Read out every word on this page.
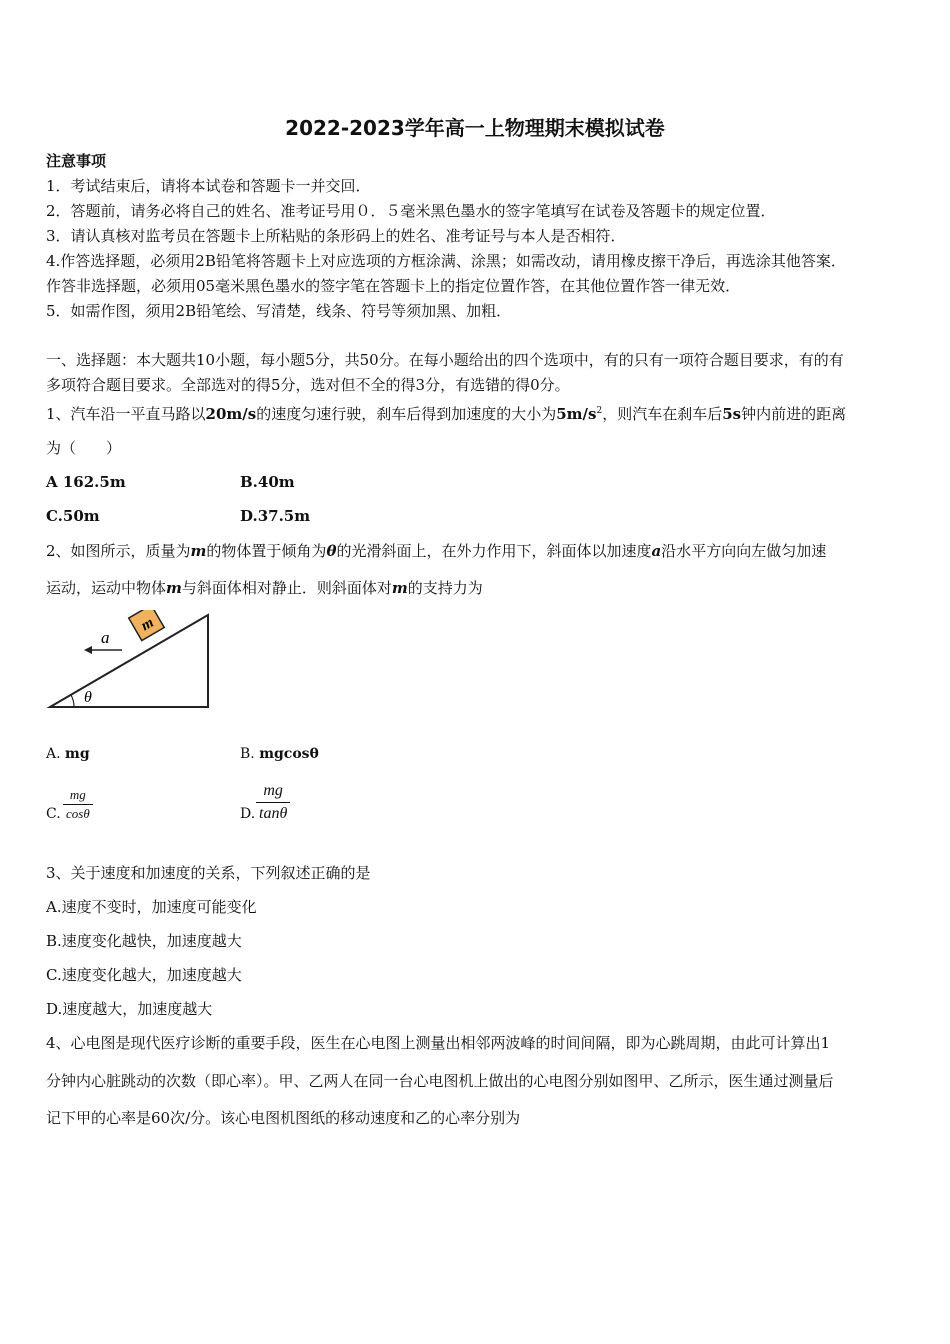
2022-2023学年高一上物理期末模拟试卷
注意事项
1．考试结束后，请将本试卷和答题卡一并交回．
2．答题前，请务必将自己的姓名、准考证号用０．５毫米黑色墨水的签字笔填写在试卷及答题卡的规定位置．
3．请认真核对监考员在答题卡上所粘贴的条形码上的姓名、准考证号与本人是否相符．
4.作答选择题，必须用2B铅笔将答题卡上对应选项的方框涂满、涂黑；如需改动，请用橡皮擦干净后，再选涂其他答案．
作答非选择题，必须用05毫米黑色墨水的签字笔在答题卡上的指定位置作答，在其他位置作答一律无效．
5．如需作图，须用2B铅笔绘、写清楚，线条、符号等须加黑、加粗．
一、选择题：本大题共10小题，每小题5分，共50分。在每小题给出的四个选项中，有的只有一项符合题目要求，有的有
多项符合题目要求。全部选对的得5分，选对但不全的得3分，有选错的得0分。
1、汽车沿一平直马路以20m/s的速度匀速行驶，刹车后得到加速度的大小为$5m/s^2$，则汽车在刹车后5s钟内前进的距离
为（　　）
A 162.5m	B.40m
C.50m	D.37.5m
2、如图所示，质量为m的物体置于倾角为θ的光滑斜面上，在外力作用下，斜面体以加速度a沿水平方向向左做匀加速
运动，运动中物体m与斜面体相对静止．则斜面体对m的支持力为
θ
m
a
A. mg	B. mgcosθ
C. $\frac{mg}{\cos\theta}$	D. $\frac{mg}{\tan\theta}$
3、关于速度和加速度的关系，下列叙述正确的是
A.速度不变时，加速度可能变化
B.速度变化越快，加速度越大
C.速度变化越大，加速度越大
D.速度越大，加速度越大
4、心电图是现代医疗诊断的重要手段，医生在心电图上测量出相邻两波峰的时间间隔，即为心跳周期，由此可计算出1
分钟内心脏跳动的次数（即心率）。甲、乙两人在同一台心电图机上做出的心电图分别如图甲、乙所示，医生通过测量后
记下甲的心率是60次/分。该心电图机图纸的移动速度和乙的心率分别为
